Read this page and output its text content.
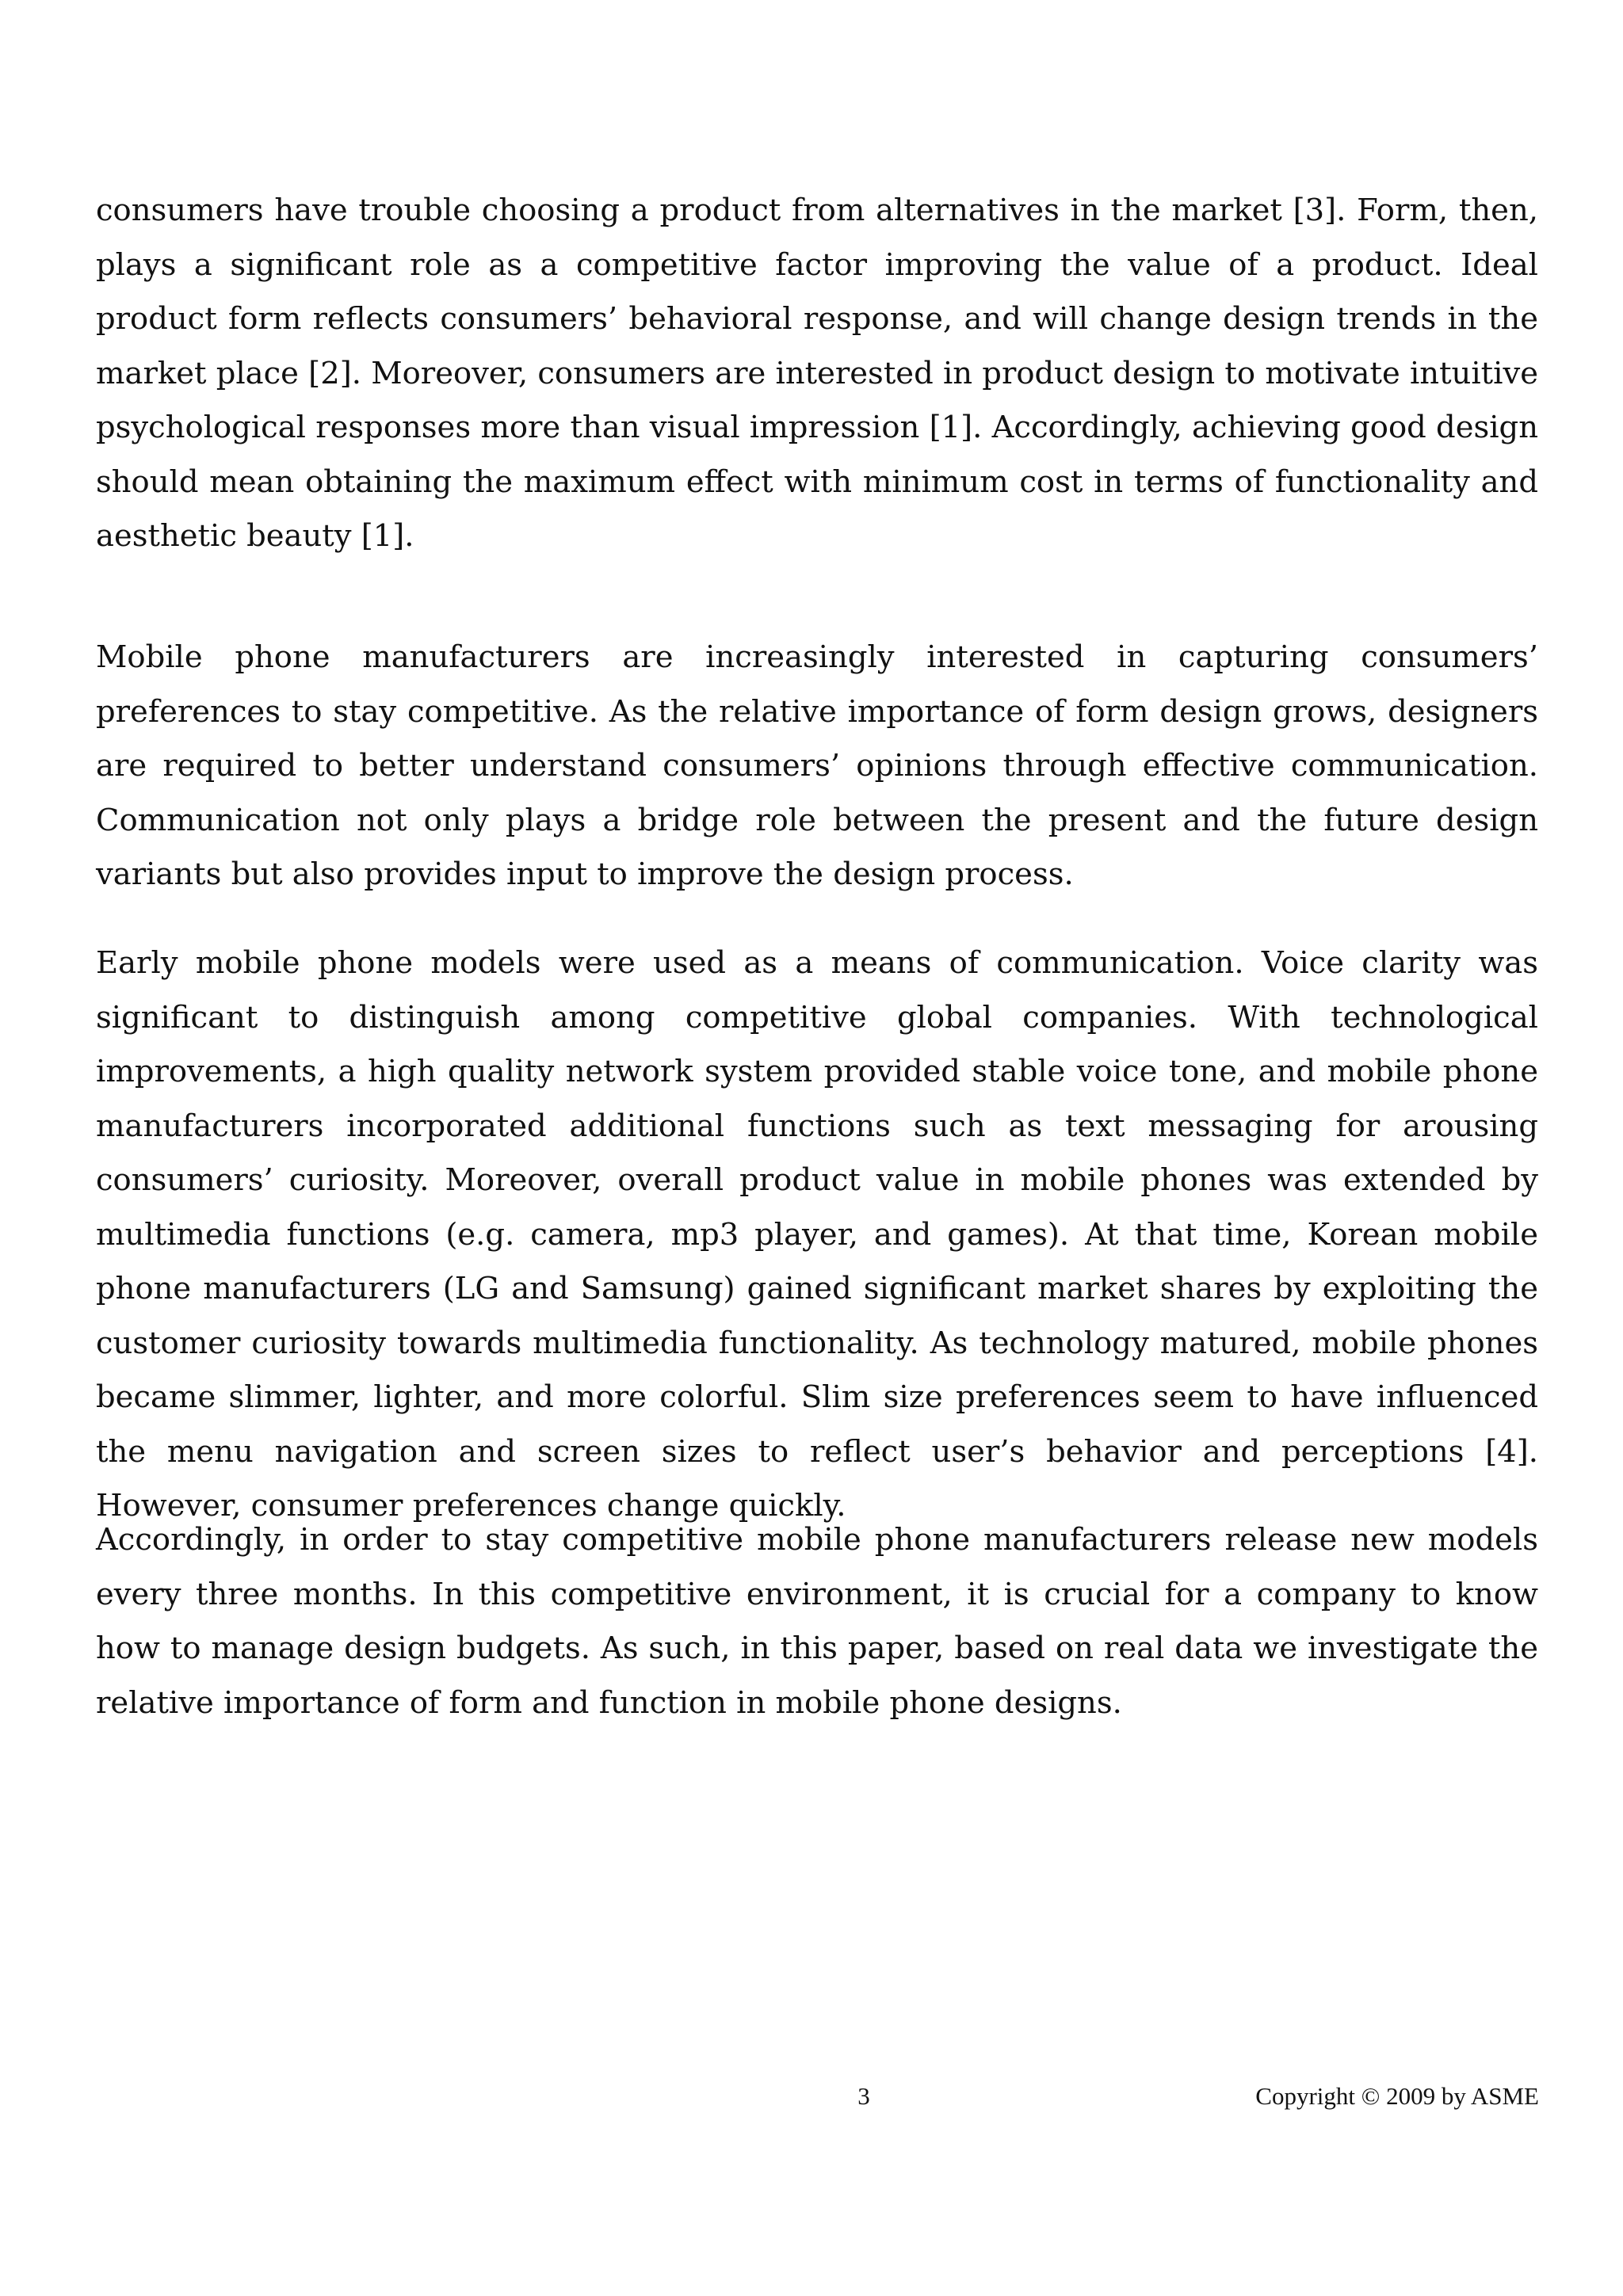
consumers have trouble choosing a product from alternatives in the market [3]. Form, then, plays a significant role as a competitive factor improving the value of a product. Ideal product form reflects consumers’ behavioral response, and will change design trends in the market place [2]. Moreover, consumers are interested in product design to motivate intuitive psychological responses more than visual impression [1]. Accordingly, achieving good design should mean obtaining the maximum effect with minimum cost in terms of functionality and aesthetic beauty [1].

Mobile phone manufacturers are increasingly interested in capturing consumers’ preferences to stay competitive. As the relative importance of form design grows, designers are required to better understand consumers’ opinions through effective communication. Communication not only plays a bridge role between the present and the future design variants but also provides input to improve the design process.

Early mobile phone models were used as a means of communication. Voice clarity was significant to distinguish among competitive global companies. With technological improvements, a high quality network system provided stable voice tone, and mobile phone manufacturers incorporated additional functions such as text messaging for arousing consumers’ curiosity. Moreover, overall product value in mobile phones was extended by multimedia functions (e.g. camera, mp3 player, and games). At that time, Korean mobile phone manufacturers (LG and Samsung) gained significant market shares by exploiting the customer curiosity towards multimedia functionality. As technology matured, mobile phones became slimmer, lighter, and more colorful. Slim size preferences seem to have influenced the menu navigation and screen sizes to reflect user’s behavior and perceptions [4]. However, consumer preferences change quickly.

Accordingly, in order to stay competitive mobile phone manufacturers release new models every three months. In this competitive environment, it is crucial for a company to know how to manage design budgets. As such, in this paper, based on real data we investigate the relative importance of form and function in mobile phone designs.

3	Copyright © 2009 by ASME
